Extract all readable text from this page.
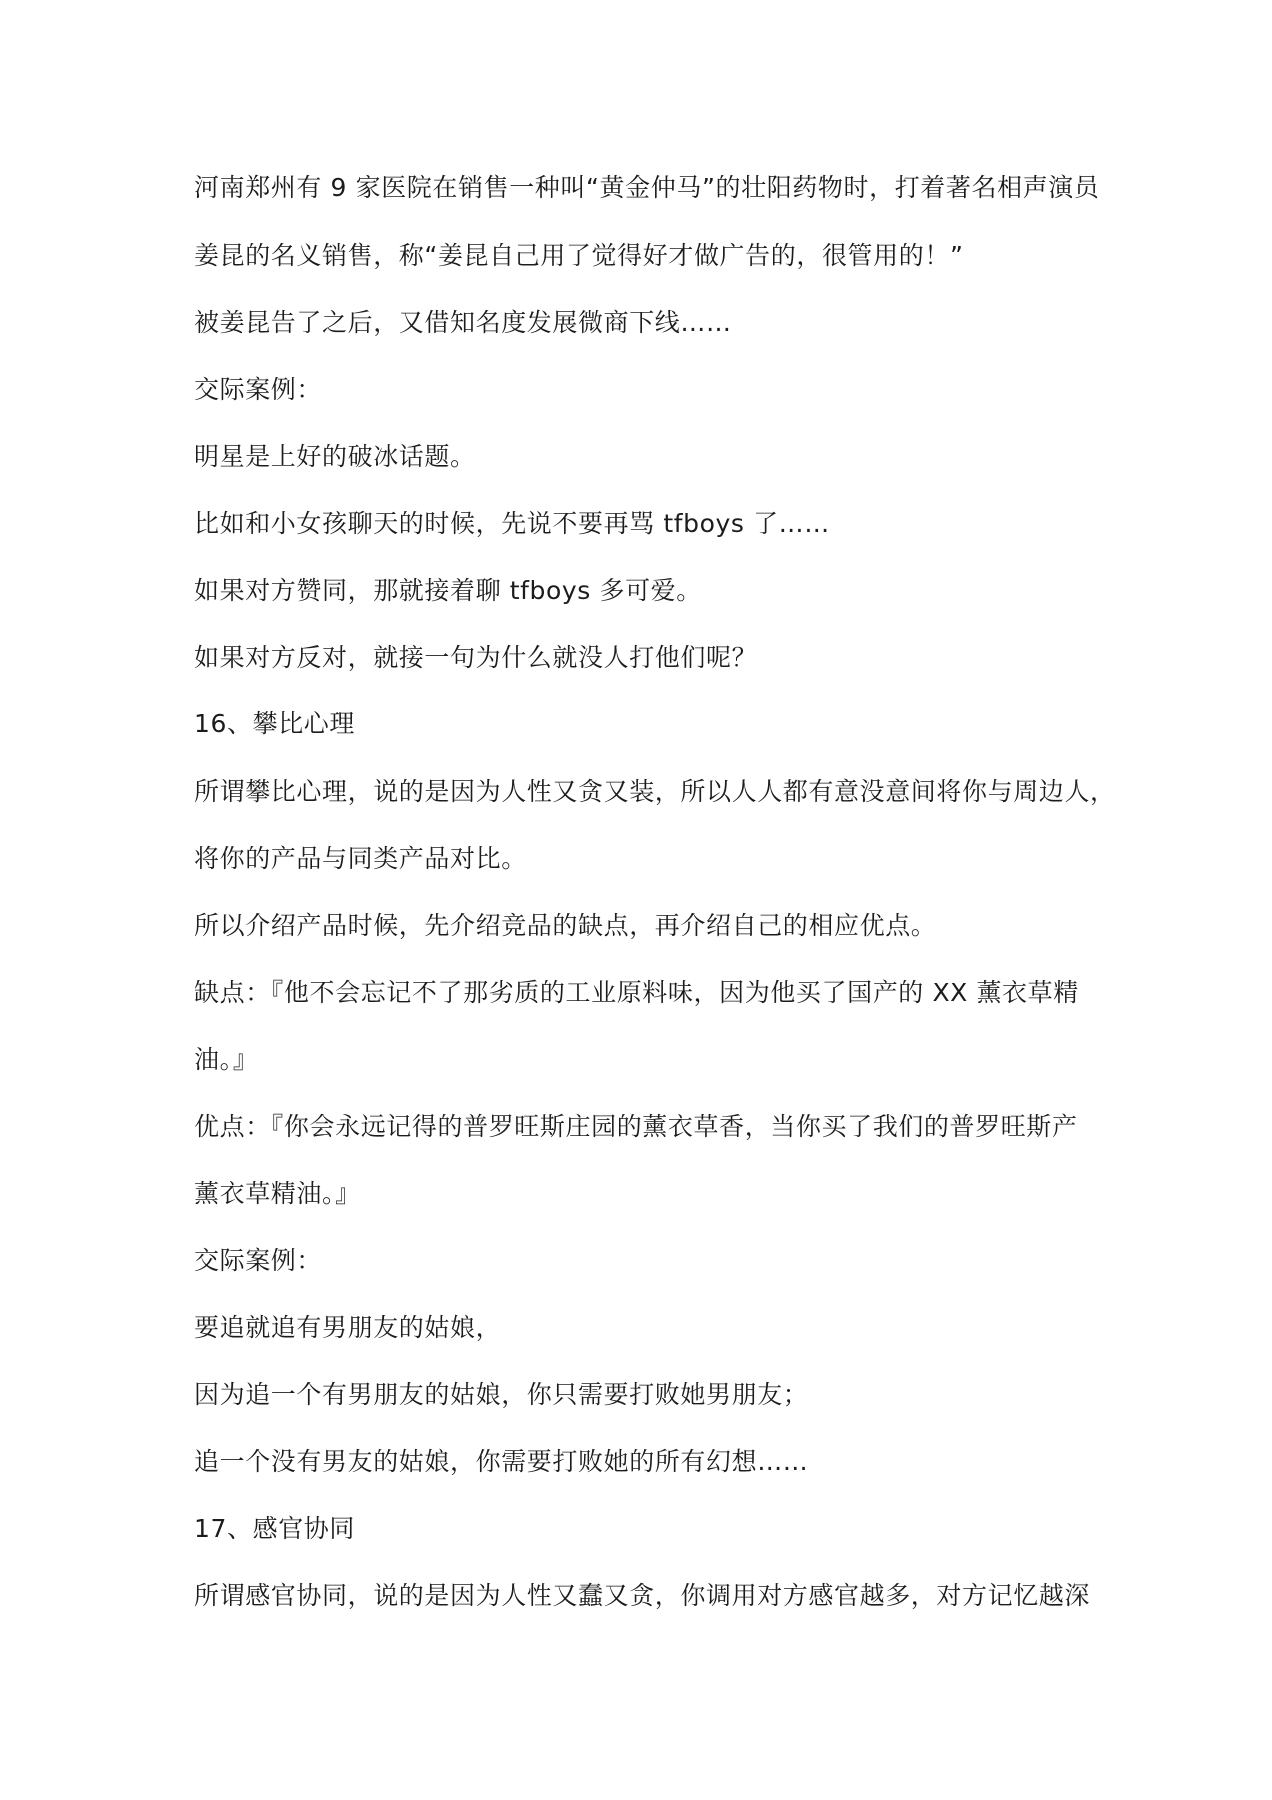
河南郑州有 9 家医院在销售一种叫“黄金仲马”的壮阳药物时，打着著名相声演员
姜昆的名义销售，称“姜昆自己用了觉得好才做广告的，很管用的！”
被姜昆告了之后，又借知名度发展微商下线……
交际案例：
明星是上好的破冰话题。
比如和小女孩聊天的时候，先说不要再骂 tfboys 了……
如果对方赞同，那就接着聊 tfboys 多可爱。
如果对方反对，就接一句为什么就没人打他们呢？
16、攀比心理
所谓攀比心理，说的是因为人性又贪又装，所以人人都有意没意间将你与周边人，
将你的产品与同类产品对比。
所以介绍产品时候，先介绍竞品的缺点，再介绍自己的相应优点。
缺点：『他不会忘记不了那劣质的工业原料味，因为他买了国产的 XX 薰衣草精
油。』
优点：『你会永远记得的普罗旺斯庄园的薰衣草香，当你买了我们的普罗旺斯产
薰衣草精油。』
交际案例：
要追就追有男朋友的姑娘，
因为追一个有男朋友的姑娘，你只需要打败她男朋友；
追一个没有男友的姑娘，你需要打败她的所有幻想……
17、感官协同
所谓感官协同，说的是因为人性又蠢又贪，你调用对方感官越多，对方记忆越深
